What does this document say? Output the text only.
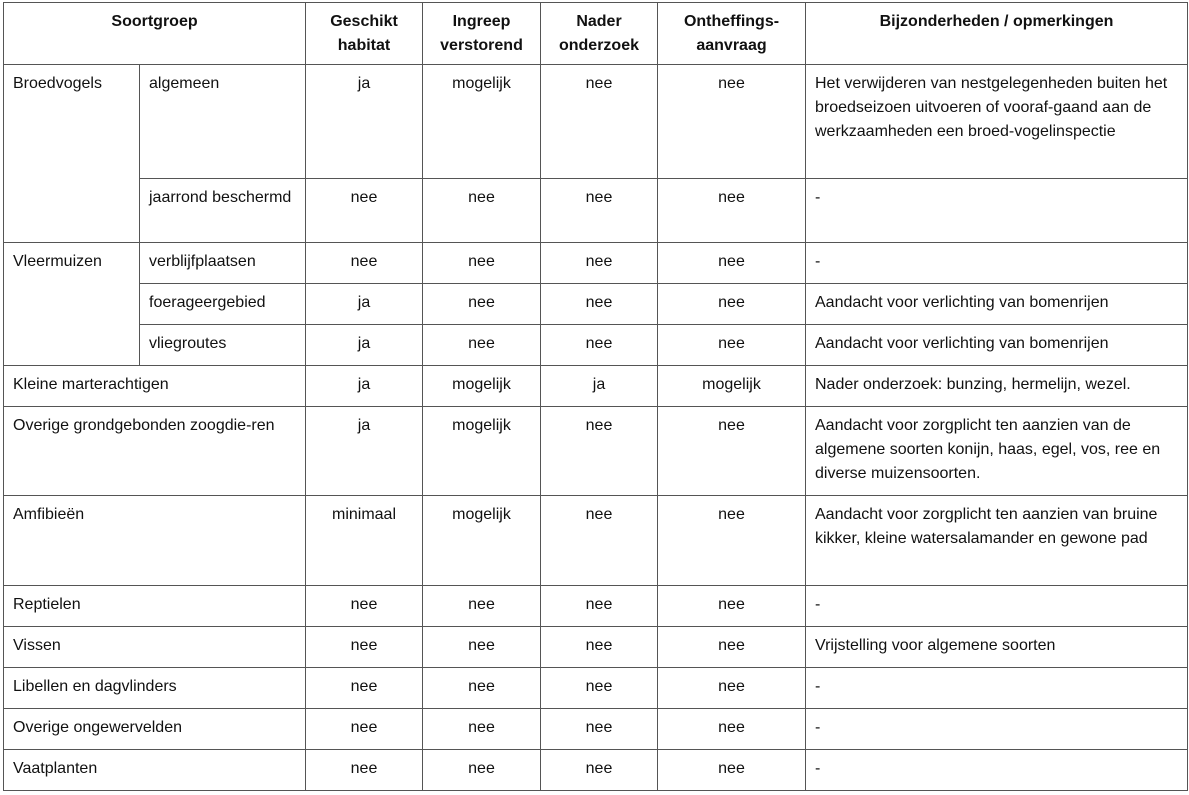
Soortgroep		Geschikt habitat	Ingreep verstorend	Nader onderzoek	Ontheffings-aanvraag	Bijzonderheden / opmerkingen
Broedvogels	algemeen	ja	mogelijk	nee	nee	Het verwijderen van nestgelegenheden buiten het broedseizoen uitvoeren of vooraf-gaand aan de werkzaamheden een broed-vogelinspectie
	jaarrond beschermd	nee	nee	nee	nee	-
Vleermuizen	verblijfplaatsen	nee	nee	nee	nee	-
	foerageergebied	ja	nee	nee	nee	Aandacht voor verlichting van bomenrijen
	vliegroutes	ja	nee	nee	nee	Aandacht voor verlichting van bomenrijen
Kleine marterachtigen		ja	mogelijk	ja	mogelijk	Nader onderzoek: bunzing, hermelijn, wezel.
Overige grondgebonden zoogdie-ren		ja	mogelijk	nee	nee	Aandacht voor zorgplicht ten aanzien van de algemene soorten konijn, haas, egel, vos, ree en diverse muizensoorten.
Amfibieën		minimaal	mogelijk	nee	nee	Aandacht voor zorgplicht ten aanzien van bruine kikker, kleine watersalamander en gewone pad
Reptielen		nee	nee	nee	nee	-
Vissen		nee	nee	nee	nee	Vrijstelling voor algemene soorten
Libellen en dagvlinders		nee	nee	nee	nee	-
Overige ongewervelden		nee	nee	nee	nee	-
Vaatplanten		nee	nee	nee	nee	-
